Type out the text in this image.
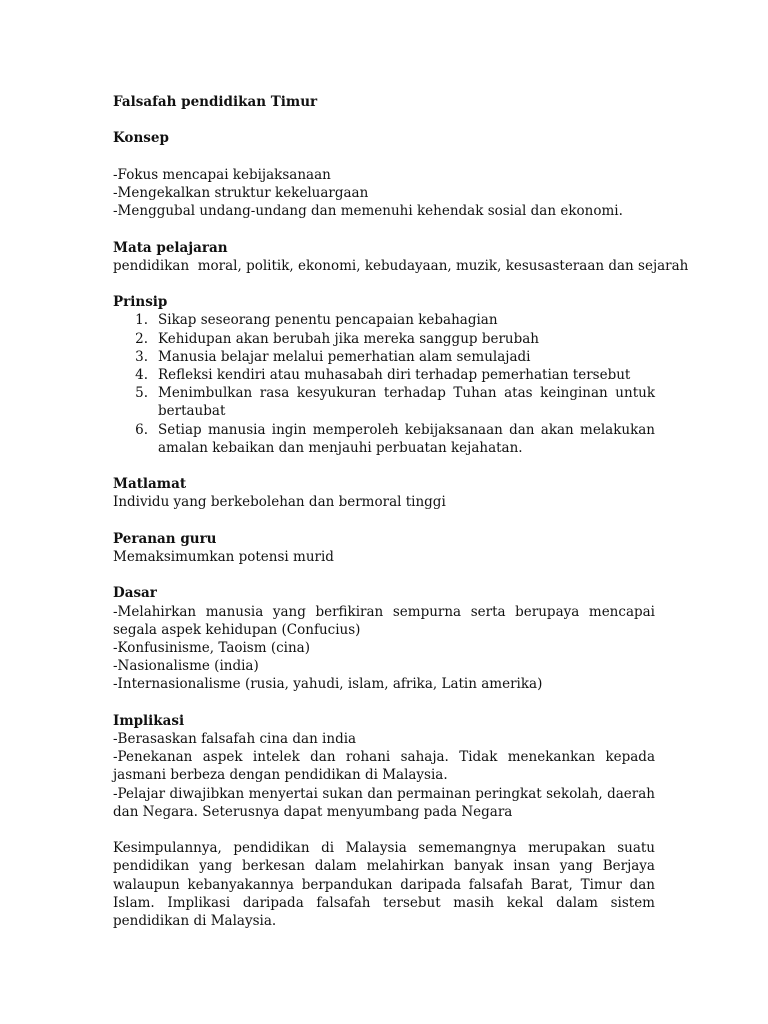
Falsafah pendidikan Timur

Konsep

-Fokus mencapai kebijaksanaan

-Mengekalkan struktur kekeluargaan

-Menggubal undang-undang dan memenuhi kehendak sosial dan ekonomi.

Mata pelajaran

pendidikan  moral, politik, ekonomi, kebudayaan, muzik, kesusasteraan dan sejarah

Prinsip

1. Sikap seseorang penentu pencapaian kebahagian
2. Kehidupan akan berubah jika mereka sanggup berubah
3. Manusia belajar melalui pemerhatian alam semulajadi
4. Refleksi kendiri atau muhasabah diri terhadap pemerhatian tersebut
5. Menimbulkan rasa kesyukuran terhadap Tuhan atas keinginan untuk bertaubat
6. Setiap manusia ingin memperoleh kebijaksanaan dan akan melakukan amalan kebaikan dan menjauhi perbuatan kejahatan.

Matlamat

Individu yang berkebolehan dan bermoral tinggi

Peranan guru

Memaksimumkan potensi murid

Dasar

-Melahirkan manusia yang berfikiran sempurna serta berupaya mencapai segala aspek kehidupan (Confucius)

-Konfusinisme, Taoism (cina)

-Nasionalisme (india)

-Internasionalisme (rusia, yahudi, islam, afrika, Latin amerika)

Implikasi

-Berasaskan falsafah cina dan india

-Penekanan aspek intelek dan rohani sahaja. Tidak menekankan kepada jasmani berbeza dengan pendidikan di Malaysia.

-Pelajar diwajibkan menyertai sukan dan permainan peringkat sekolah, daerah dan Negara. Seterusnya dapat menyumbang pada Negara

Kesimpulannya, pendidikan di Malaysia sememangnya merupakan suatu pendidikan yang berkesan dalam melahirkan banyak insan yang Berjaya walaupun kebanyakannya berpandukan daripada falsafah Barat, Timur dan Islam. Implikasi daripada falsafah tersebut masih kekal dalam sistem pendidikan di Malaysia.
